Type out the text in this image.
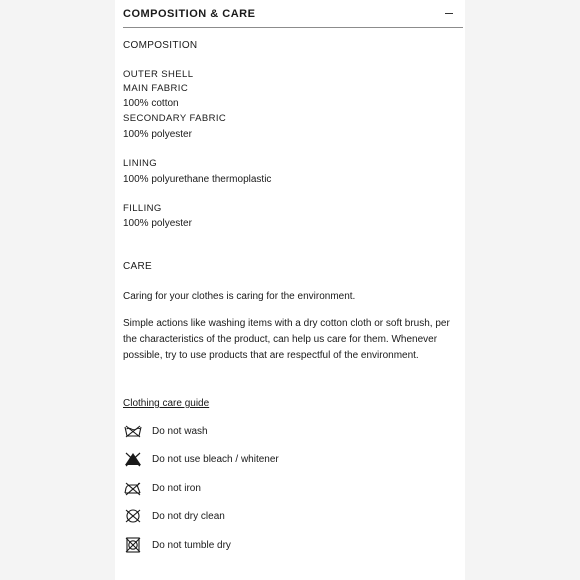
COMPOSITION & CARE
COMPOSITION
OUTER SHELL
MAIN FABRIC
100% cotton
SECONDARY FABRIC
100% polyester
LINING
100% polyurethane thermoplastic
FILLING
100% polyester
CARE
Caring for your clothes is caring for the environment.
Simple actions like washing items with a dry cotton cloth or soft brush, per the characteristics of the product, can help us care for them. Whenever possible, try to use products that are respectful of the environment.
Clothing care guide
Do not wash
Do not use bleach / whitener
Do not iron
Do not dry clean
Do not tumble dry
